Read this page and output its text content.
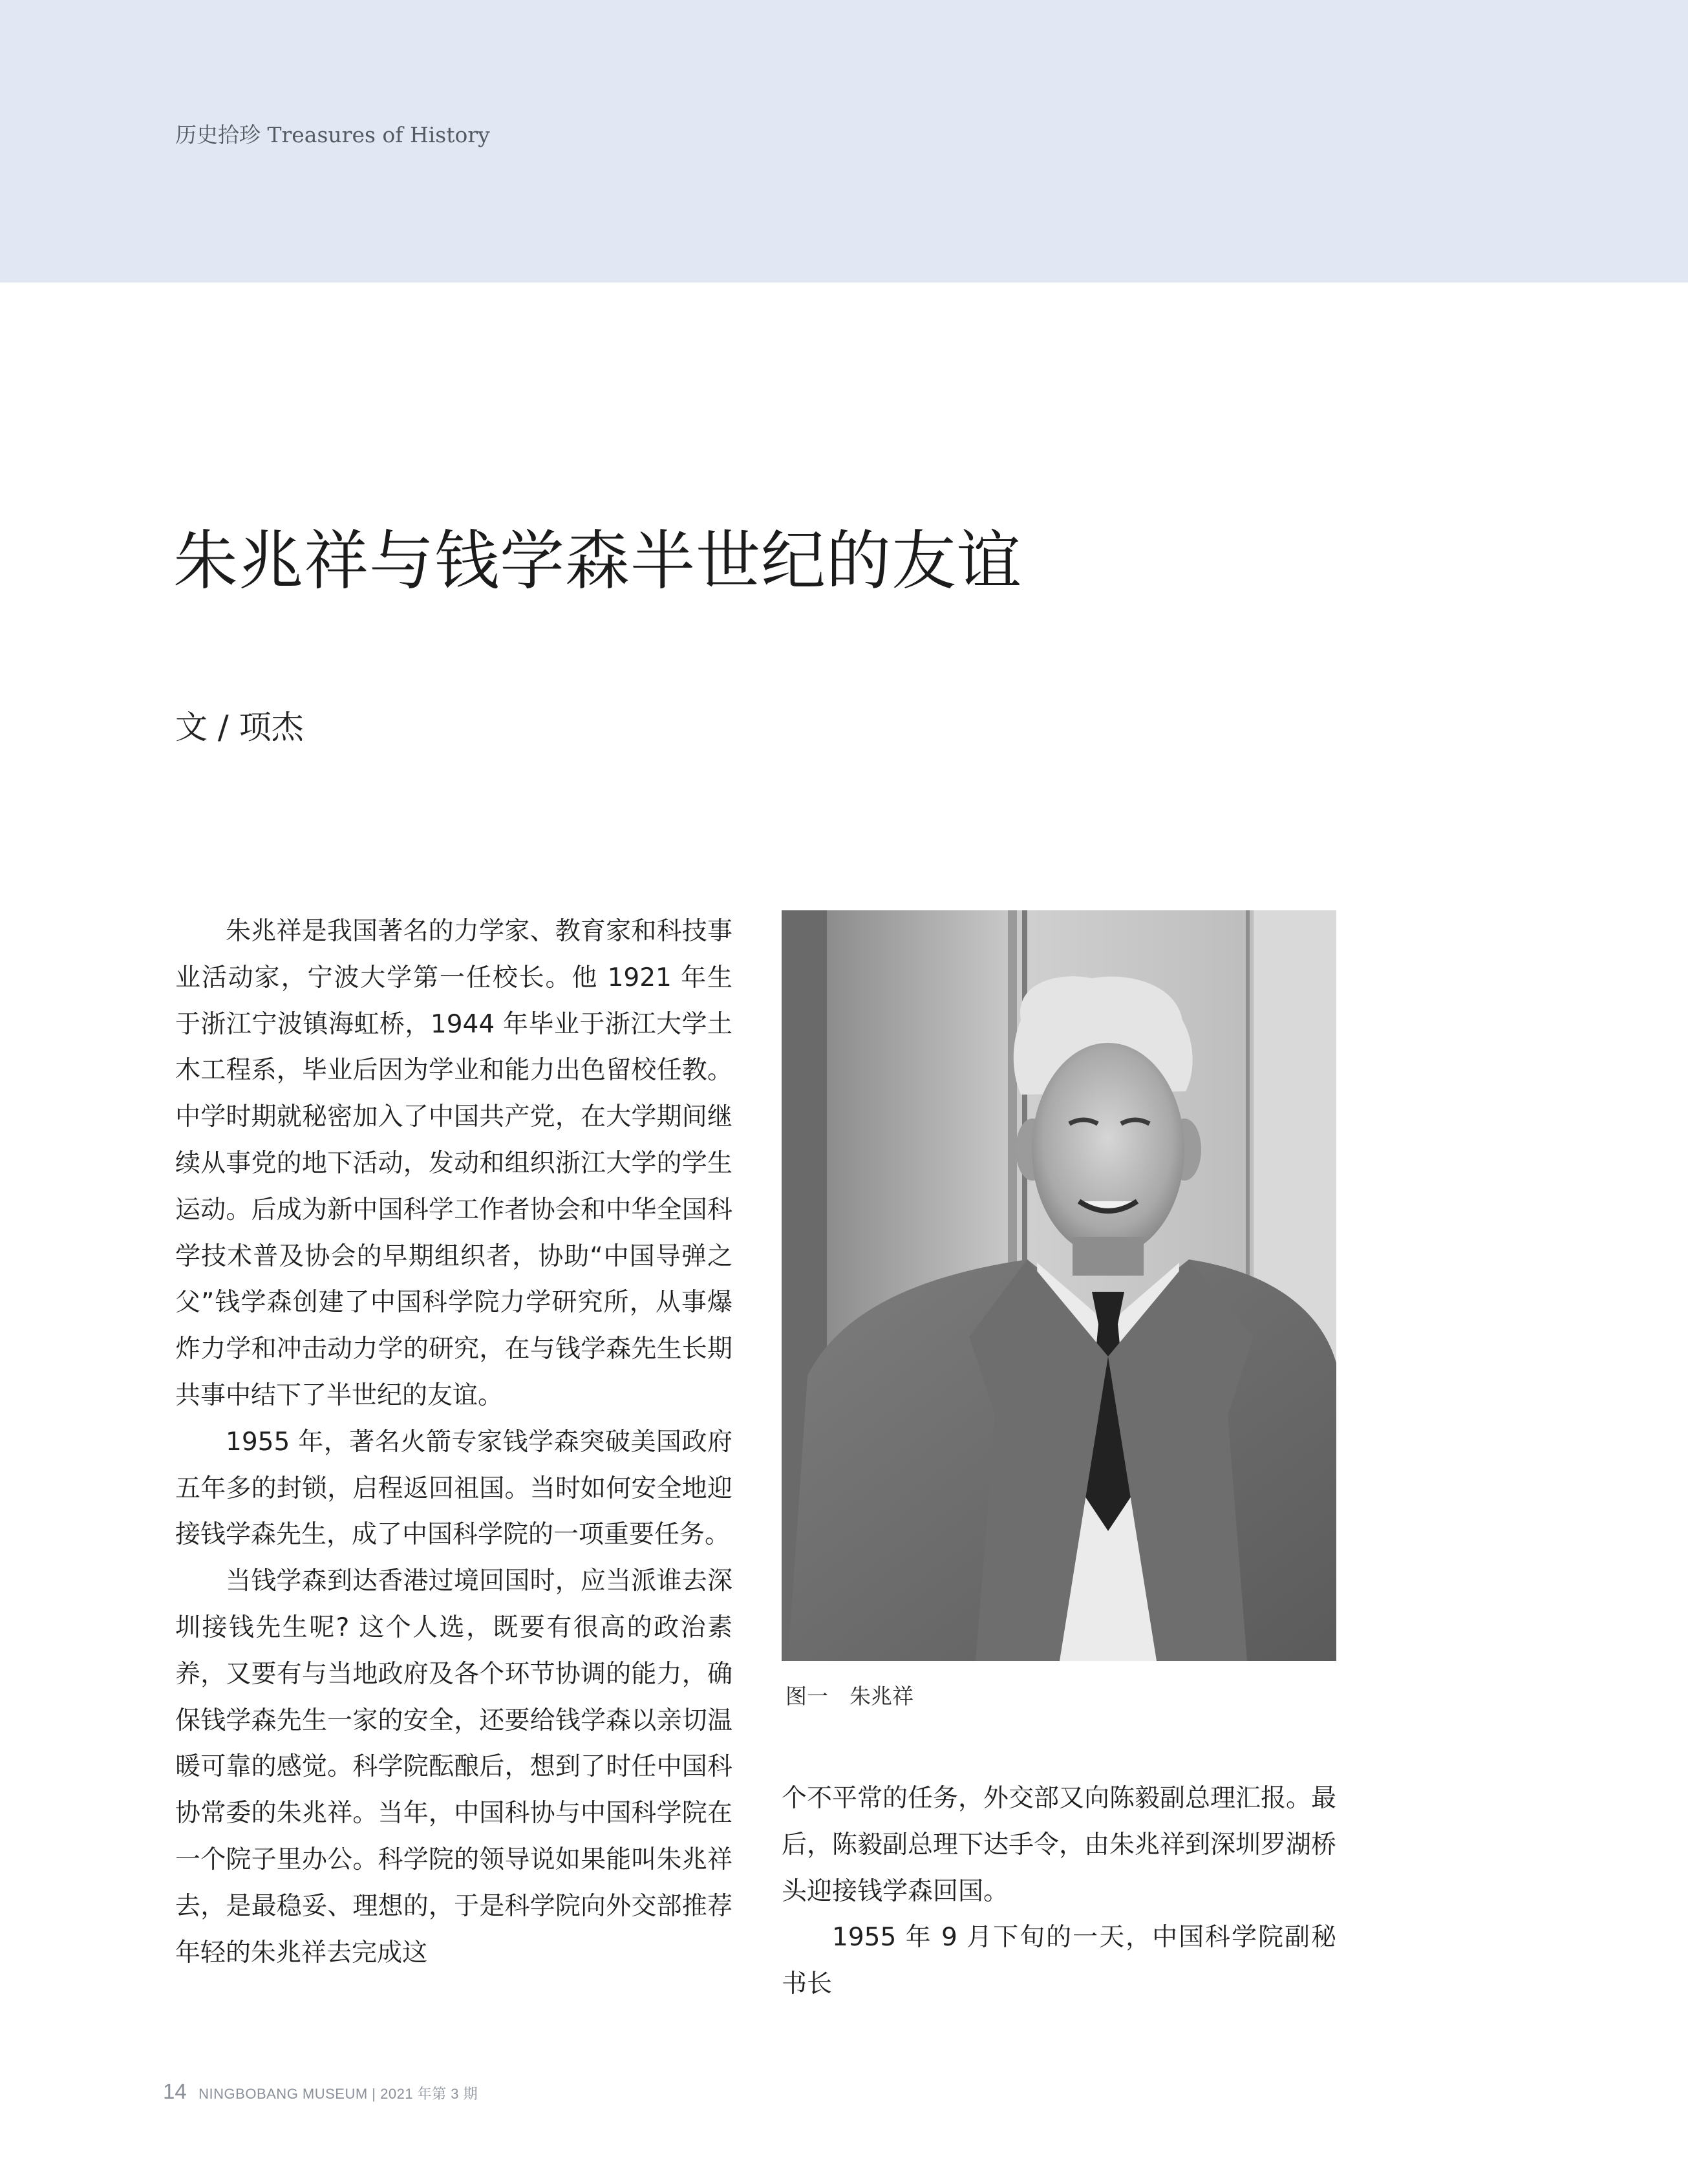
历史拾珍 Treasures of History
朱兆祥与钱学森半世纪的友谊
文 / 项杰

朱兆祥是我国著名的力学家、教育家和科技事业活动家，宁波大学第一任校长。他 1921 年生于浙江宁波镇海虹桥，1944 年毕业于浙江大学土木工程系，毕业后因为学业和能力出色留校任教。中学时期就秘密加入了中国共产党，在大学期间继续从事党的地下活动，发动和组织浙江大学的学生运动。后成为新中国科学工作者协会和中华全国科学技术普及协会的早期组织者，协助“中国导弹之父”钱学森创建了中国科学院力学研究所，从事爆炸力学和冲击动力学的研究，在与钱学森先生长期共事中结下了半世纪的友谊。

1955 年，著名火箭专家钱学森突破美国政府五年多的封锁，启程返回祖国。当时如何安全地迎接钱学森先生，成了中国科学院的一项重要任务。

当钱学森到达香港过境回国时，应当派谁去深圳接钱先生呢? 这个人选，既要有很高的政治素养，又要有与当地政府及各个环节协调的能力，确保钱学森先生一家的安全，还要给钱学森以亲切温暖可靠的感觉。科学院酝酿后，想到了时任中国科协常委的朱兆祥。当年，中国科协与中国科学院在一个院子里办公。科学院的领导说如果能叫朱兆祥去，是最稳妥、理想的，于是科学院向外交部推荐年轻的朱兆祥去完成这

图一　朱兆祥

个不平常的任务，外交部又向陈毅副总理汇报。最后，陈毅副总理下达手令，由朱兆祥到深圳罗湖桥头迎接钱学森回国。

1955 年 9 月下旬的一天，中国科学院副秘书长

14 NINGBOBANG MUSEUM | 2021 年第 3 期
